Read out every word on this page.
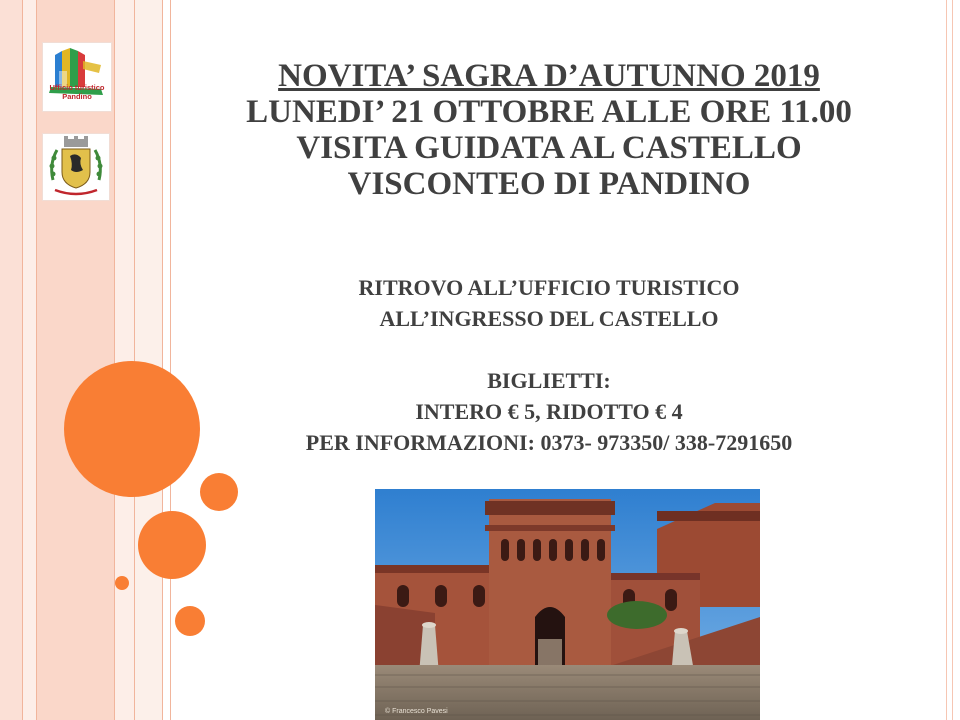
Ufficio turistico Pandino
NOVITA’ SAGRA D’AUTUNNO 2019
LUNEDI’ 21 OTTOBRE ALLE ORE 11.00
VISITA GUIDATA AL CASTELLO
VISCONTEO DI PANDINO
RITROVO ALL’UFFICIO TURISTICO
ALL’INGRESSO DEL CASTELLO
BIGLIETTI:
INTERO € 5, RIDOTTO € 4
PER INFORMAZIONI: 0373- 973350/ 338-7291650
© Francesco Pavesi
